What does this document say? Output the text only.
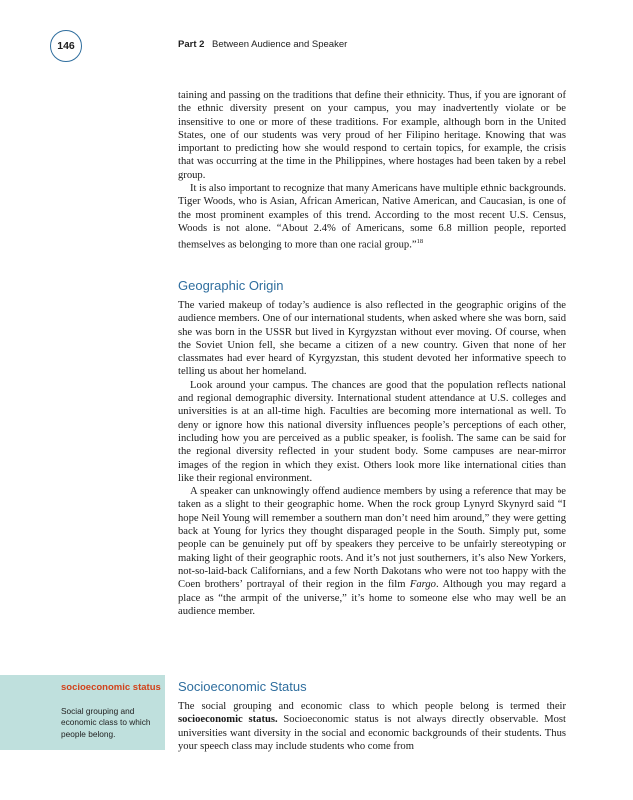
146	Part 2 Between Audience and Speaker

taining and passing on the traditions that define their ethnicity. Thus, if you are ignorant of the ethnic diversity present on your campus, you may inadvertently violate or be insensitive to one or more of these traditions. For example, although born in the United States, one of our students was very proud of her Filipino heritage. Knowing that was important to predicting how she would respond to certain topics, for example, the crisis that was occurring at the time in the Philippines, where hostages had been taken by a rebel group.

It is also important to recognize that many Americans have multiple ethnic backgrounds. Tiger Woods, who is Asian, African American, Native American, and Caucasian, is one of the most prominent examples of this trend. According to the most recent U.S. Census, Woods is not alone. “About 2.4% of Americans, some 6.8 million people, reported themselves as belonging to more than one racial group.”$^{18}$

Geographic Origin

The varied makeup of today’s audience is also reflected in the geographic origins of the audience members. One of our international students, when asked where she was born, said she was born in the USSR but lived in Kyrgyzstan without ever moving. Of course, when the Soviet Union fell, she became a citizen of a new country. Given that none of her classmates had ever heard of Kyrgyzstan, this student devoted her informative speech to telling us about her homeland.

Look around your campus. The chances are good that the population reflects national and regional demographic diversity. International student attendance at U.S. colleges and universities is at an all-time high. Faculties are becoming more international as well. To deny or ignore how this national diversity influences people’s perceptions of each other, including how you are perceived as a public speaker, is foolish. The same can be said for the regional diversity reflected in your student body. Some campuses are near-mirror images of the region in which they exist. Others look more like international cities than like their regional environment.

A speaker can unknowingly offend audience members by using a reference that may be taken as a slight to their geographic home. When the rock group Lynyrd Skynyrd said “I hope Neil Young will remember a southern man don’t need him around,” they were getting back at Young for lyrics they thought disparaged people in the South. Simply put, some people can be genuinely put off by speakers they perceive to be unfairly stereotyping or making light of their geographic roots. And it’s not just southerners, it’s also New Yorkers, not-so-laid-back Californians, and a few North Dakotans who were not too happy with the Coen brothers’ portrayal of their region in the film Fargo. Although you may regard a place as “the armpit of the universe,” it’s home to someone else who may well be an audience member.

socioeconomic status
Social grouping and economic class to which people belong.
Socioeconomic Status

The social grouping and economic class to which people belong is termed their socioeconomic status. Socioeconomic status is not always directly observable. Most universities want diversity in the social and economic backgrounds of their students. Thus your speech class may include students who come from
